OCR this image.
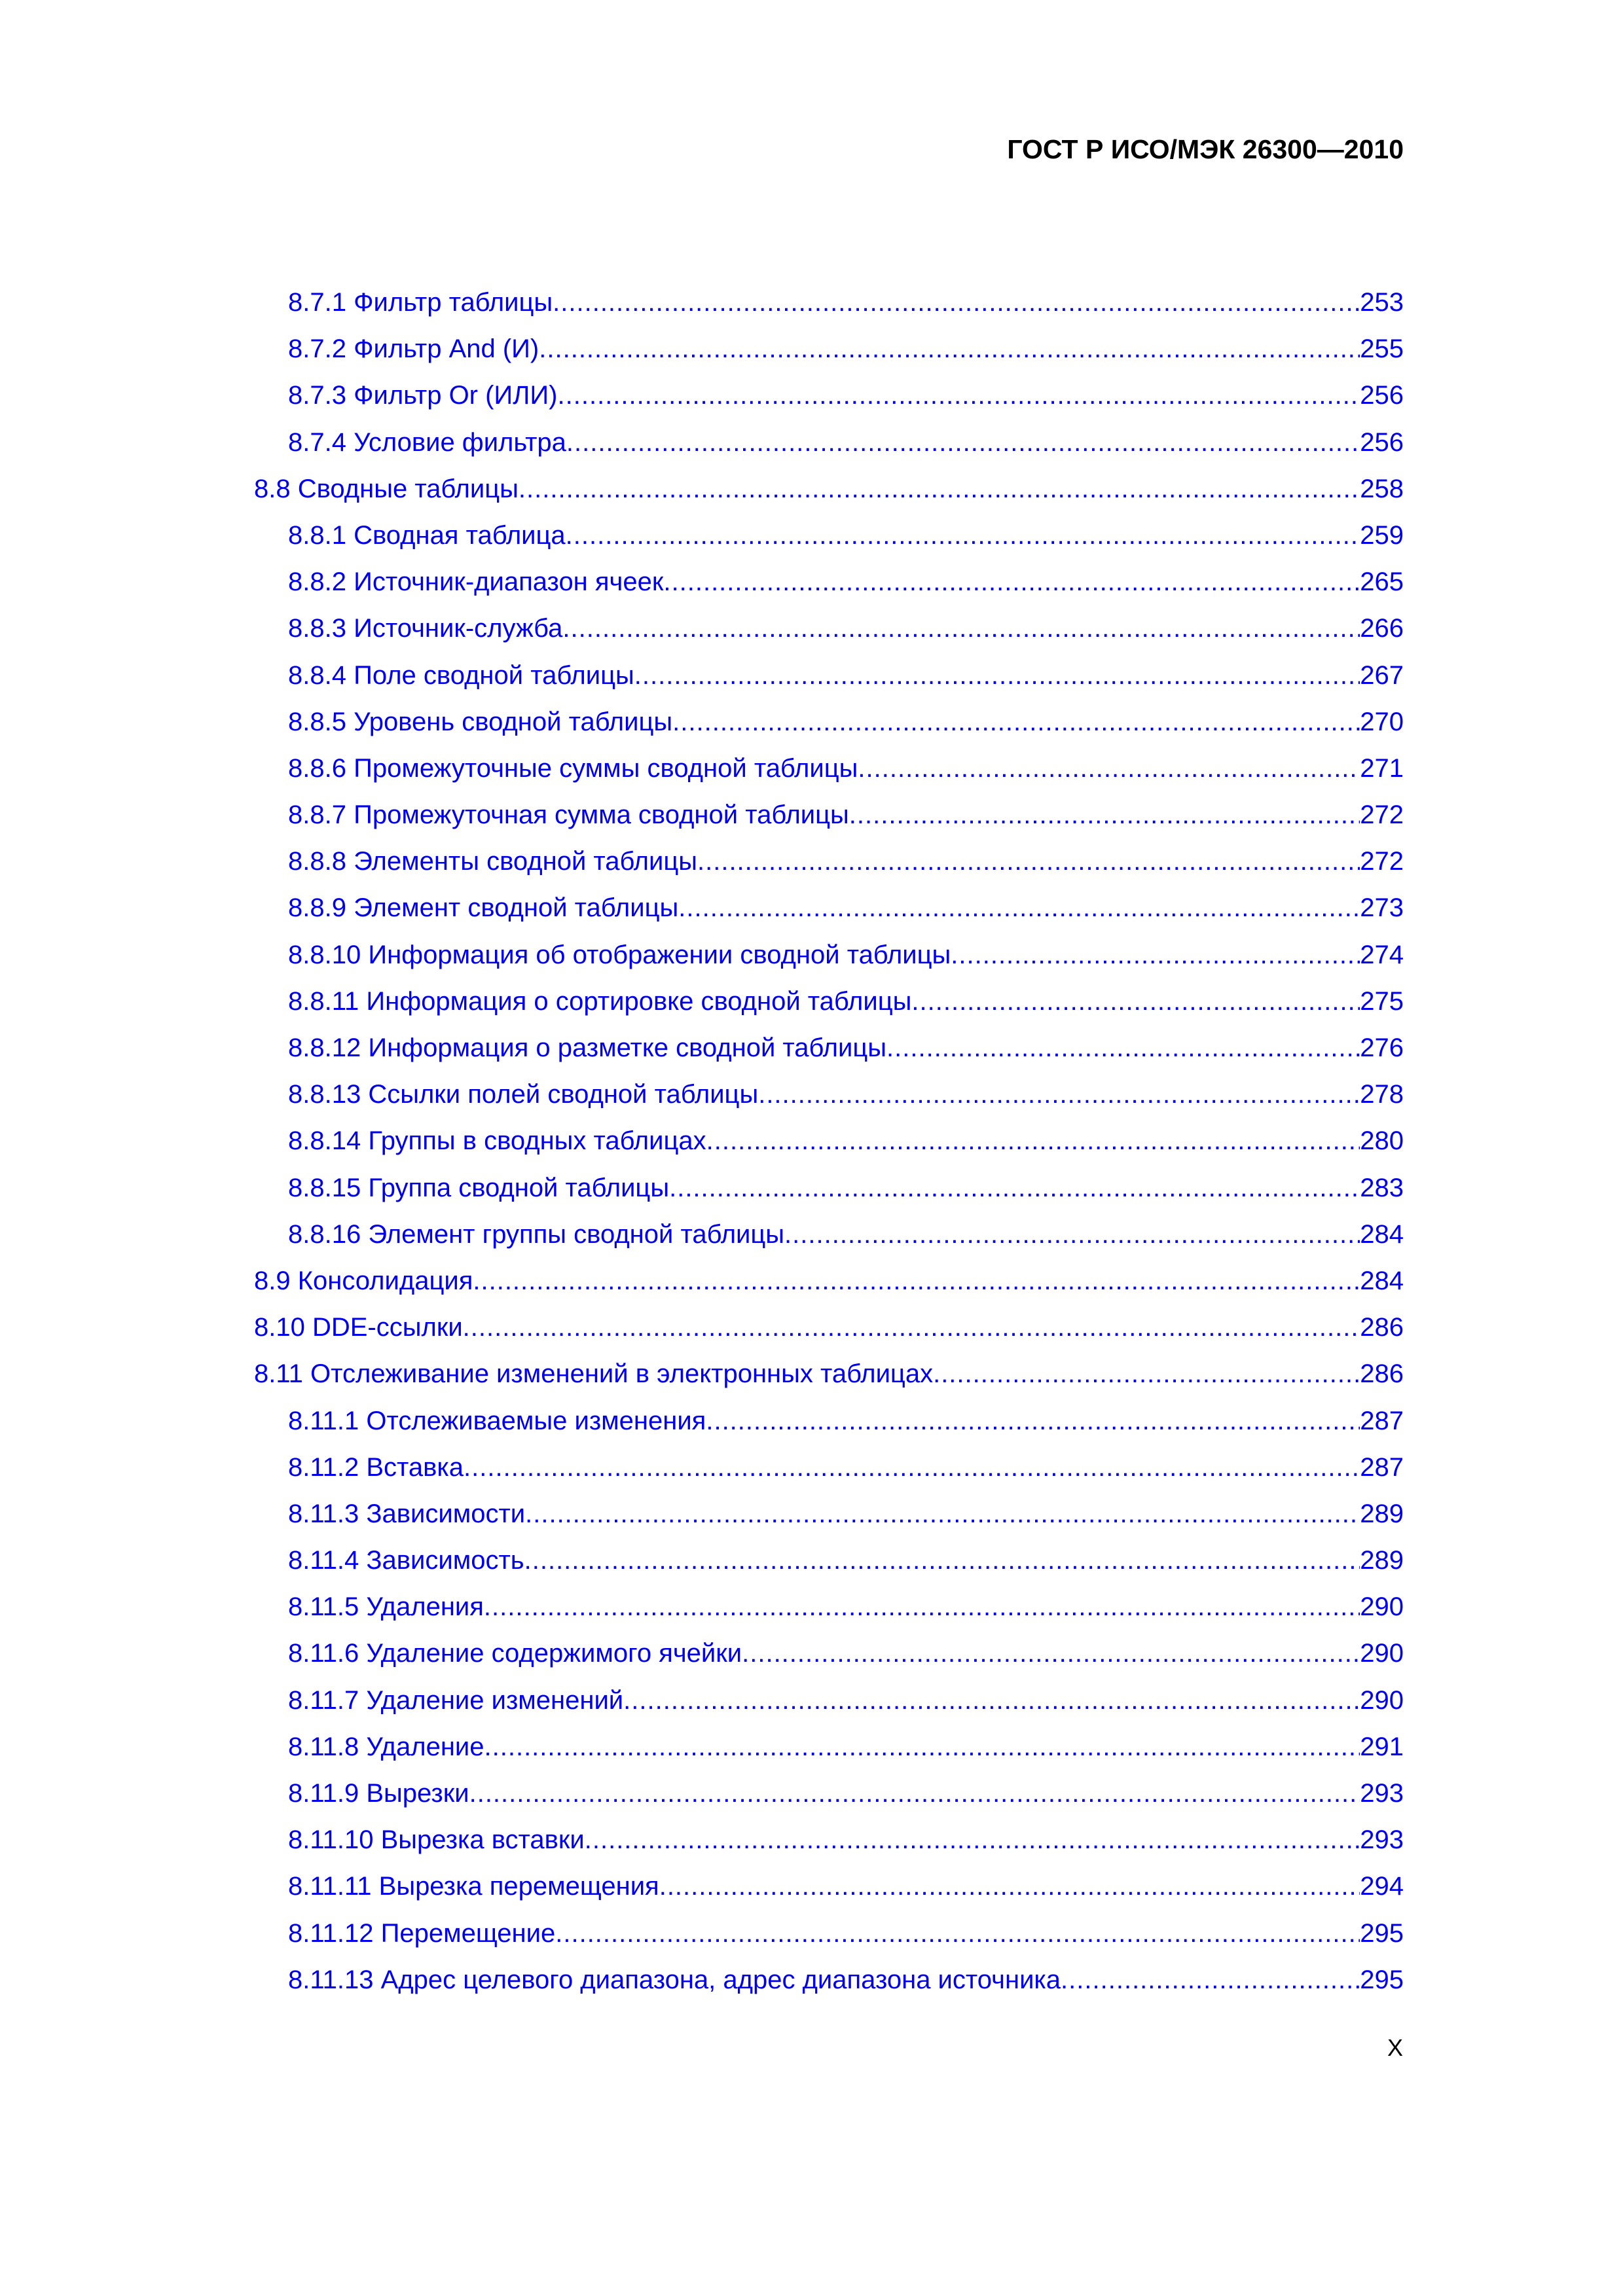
ГОСТ Р ИСО/МЭК 26300—2010
8.7.1 Фильтр таблицы .....	253
8.7.2 Фильтр And (И) .....	255
8.7.3 Фильтр Or (ИЛИ) .....	256
8.7.4 Условие фильтра .....	256
8.8 Сводные таблицы .....	258
8.8.1 Сводная таблица .....	259
8.8.2 Источник-диапазон ячеек .....	265
8.8.3 Источник-служба .....	266
8.8.4 Поле сводной таблицы .....	267
8.8.5 Уровень сводной таблицы .....	270
8.8.6 Промежуточные суммы сводной таблицы .....	271
8.8.7 Промежуточная сумма сводной таблицы .....	272
8.8.8 Элементы сводной таблицы .....	272
8.8.9 Элемент сводной таблицы .....	273
8.8.10 Информация об отображении сводной таблицы .....	274
8.8.11 Информация о сортировке сводной таблицы .....	275
8.8.12 Информация о разметке сводной таблицы .....	276
8.8.13 Ссылки полей сводной таблицы .....	278
8.8.14 Группы в сводных таблицах .....	280
8.8.15 Группа сводной таблицы .....	283
8.8.16 Элемент группы сводной таблицы .....	284
8.9 Консолидация .....	284
8.10 DDE-ссылки .....	286
8.11 Отслеживание изменений в электронных таблицах .....	286
8.11.1 Отслеживаемые изменения .....	287
8.11.2 Вставка .....	287
8.11.3 Зависимости .....	289
8.11.4 Зависимость .....	289
8.11.5 Удаления .....	290
8.11.6 Удаление содержимого ячейки .....	290
8.11.7 Удаление изменений .....	290
8.11.8 Удаление .....	291
8.11.9 Вырезки .....	293
8.11.10 Вырезка вставки .....	293
8.11.11 Вырезка перемещения .....	294
8.11.12 Перемещение .....	295
8.11.13 Адрес целевого диапазона, адрес диапазона источника .....	295
X
